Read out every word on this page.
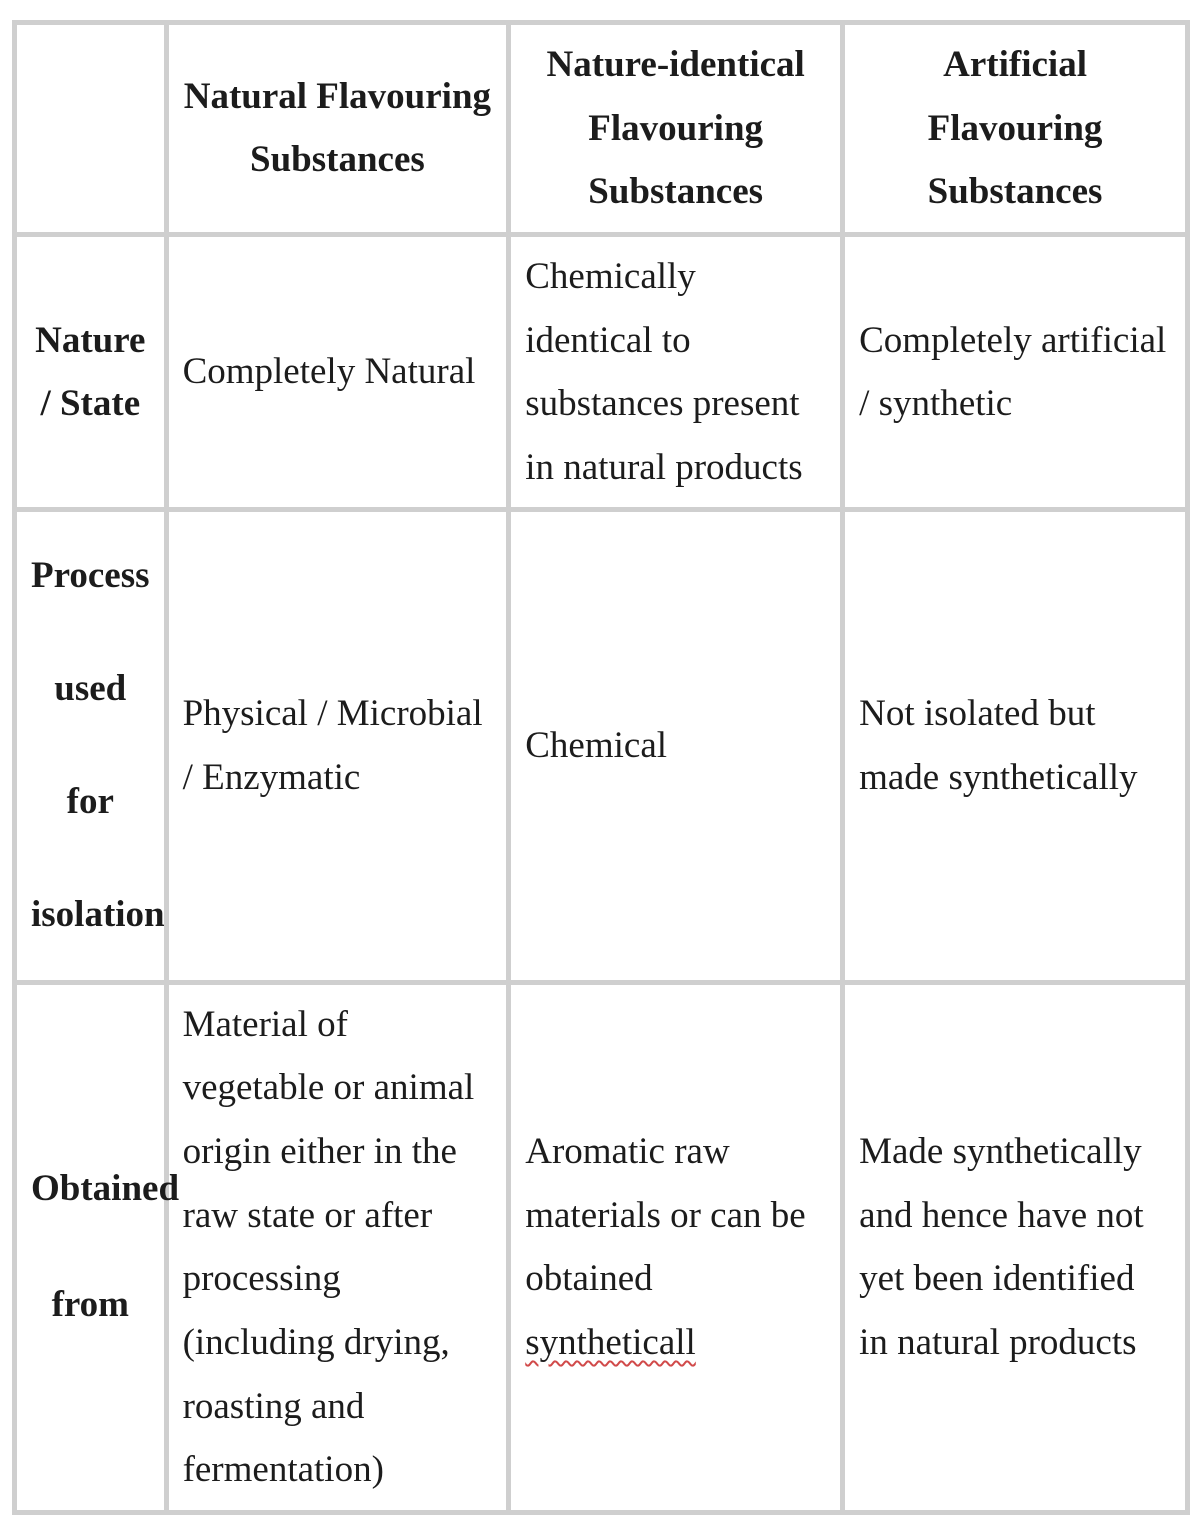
	Natural Flavouring Substances	Nature-identical Flavouring Substances	Artificial Flavouring Substances
Nature / State	Completely Natural	Chemically identical to substances present in natural products	Completely artificial / synthetic
Process used for isolation	Physical / Microbial / Enzymatic	Chemical	Not isolated but made synthetically
Obtained from	Material of vegetable or animal origin either in the raw state or after processing (including drying, roasting and fermentation)	Aromatic raw materials or can be obtained syntheticall	Made synthetically and hence have not yet been identified in natural products
